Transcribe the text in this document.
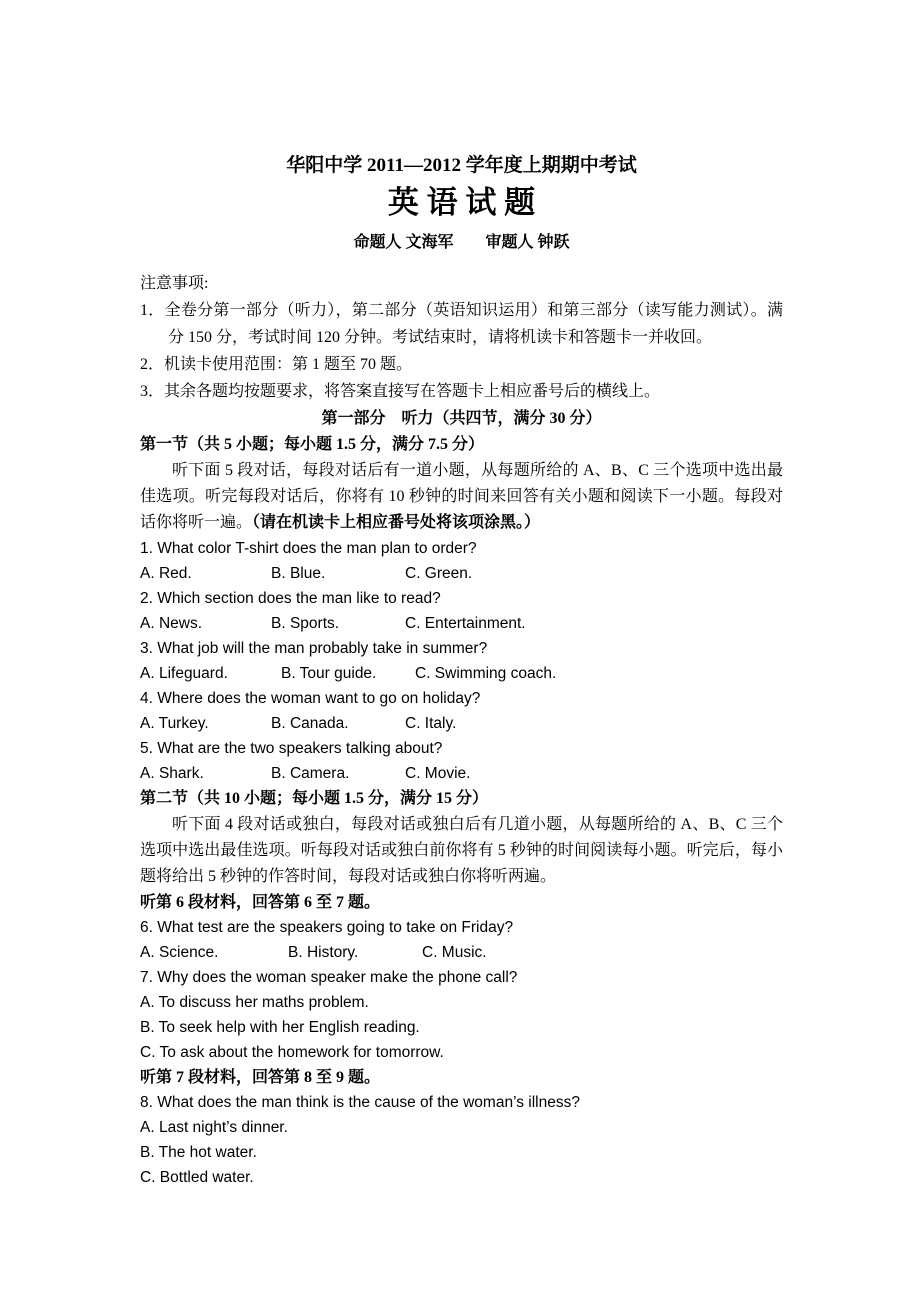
华阳中学 2011—2012 学年度上期期中考试
英 语 试 题
命题人 文海军　　审题人 钟跃
注意事项:
1．全卷分第一部分（听力），第二部分（英语知识运用）和第三部分（读写能力测试）。满分 150 分，考试时间 120 分钟。考试结束时，请将机读卡和答题卡一并收回。
2．机读卡使用范围：第 1 题至 70 题。
3．其余各题均按题要求，将答案直接写在答题卡上相应番号后的横线上。
第一部分　听力（共四节，满分 30 分）
第一节（共 5 小题；每小题 1.5 分，满分 7.5 分）

听下面 5 段对话，每段对话后有一道小题，从每题所给的 A、B、C 三个选项中选出最佳选项。听完每段对话后，你将有 10 秒钟的时间来回答有关小题和阅读下一小题。每段对话你将听一遍。（请在机读卡上相应番号处将该项涂黑。）

1. What color T-shirt does the man plan to order?
A. Red.	B. Blue.	C. Green.
2. Which section does the man like to read?
A. News.	B. Sports.	C. Entertainment.
3. What job will the man probably take in summer?
A. Lifeguard.	B. Tour guide.	C. Swimming coach.
4. Where does the woman want to go on holiday?
A. Turkey.	B. Canada.	C. Italy.
5. What are the two speakers talking about?
A. Shark.	B. Camera.	C. Movie.
第二节（共 10 小题；每小题 1.5 分，满分 15 分）

听下面 4 段对话或独白，每段对话或独白后有几道小题，从每题所给的 A、B、C 三个选项中选出最佳选项。听每段对话或独白前你将有 5 秒钟的时间阅读每小题。听完后，每小题将给出 5 秒钟的作答时间，每段对话或独白你将听两遍。

听第 6 段材料，回答第 6 至 7 题。
6. What test are the speakers going to take on Friday?
A. Science.	B. History.	C. Music.
7. Why does the woman speaker make the phone call?
A. To discuss her maths problem.
B. To seek help with her English reading.
C. To ask about the homework for tomorrow.
听第 7 段材料，回答第 8 至 9 题。
8. What does the man think is the cause of the woman’s illness?
A. Last night’s dinner.
B. The hot water.
C. Bottled water.
